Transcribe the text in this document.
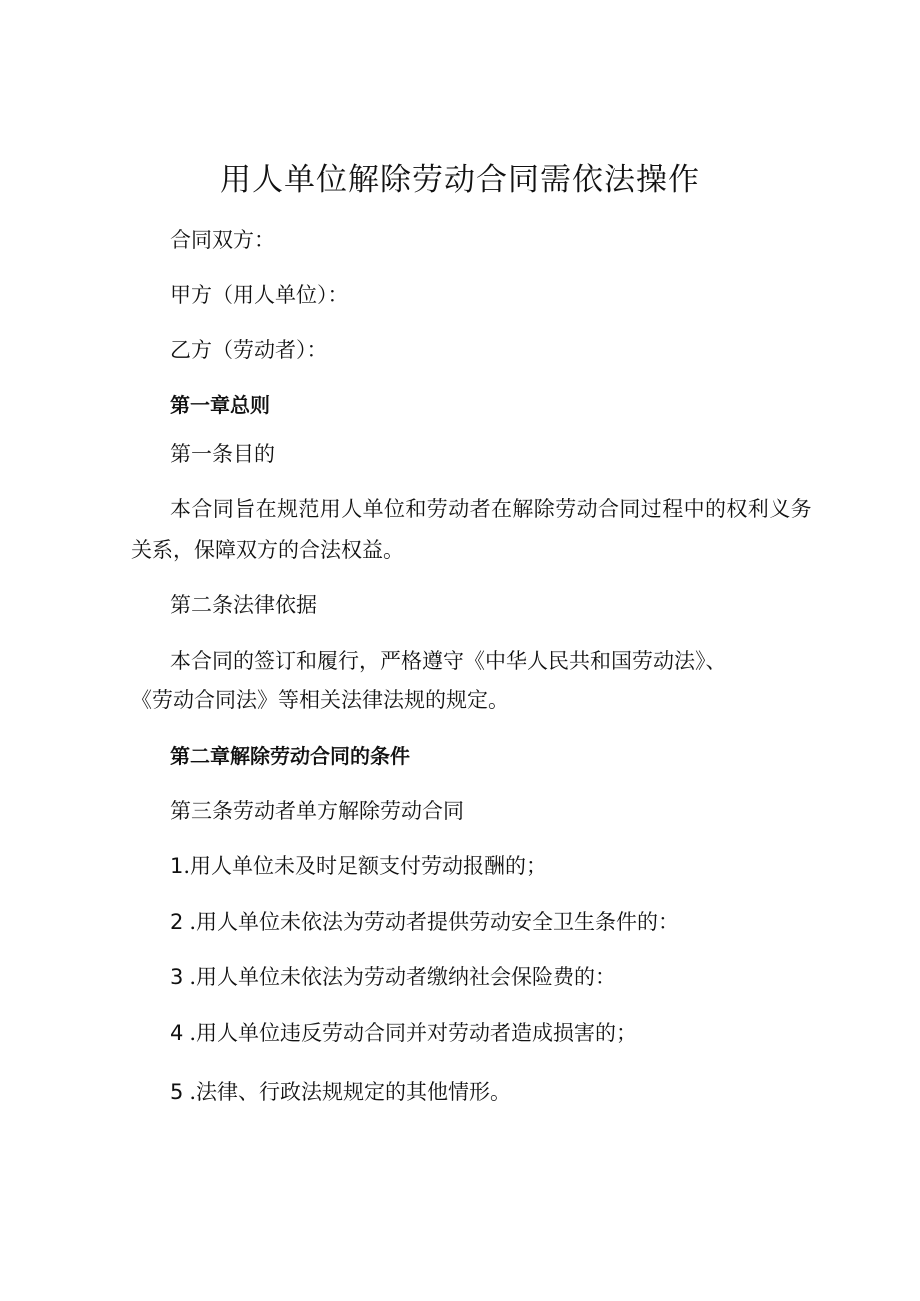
用人单位解除劳动合同需依法操作
合同双方：
甲方（用人单位）：
乙方（劳动者）：
第一章总则
第一条目的
本合同旨在规范用人单位和劳动者在解除劳动合同过程中的权利义务
关系，保障双方的合法权益。
第二条法律依据
本合同的签订和履行，严格遵守《中华人民共和国劳动法》、
《劳动合同法》等相关法律法规的规定。
第二章解除劳动合同的条件
第三条劳动者单方解除劳动合同
1.用人单位未及时足额支付劳动报酬的；
2 .用人单位未依法为劳动者提供劳动安全卫生条件的：
3 .用人单位未依法为劳动者缴纳社会保险费的：
4 .用人单位违反劳动合同并对劳动者造成损害的；
5 .法律、行政法规规定的其他情形。
